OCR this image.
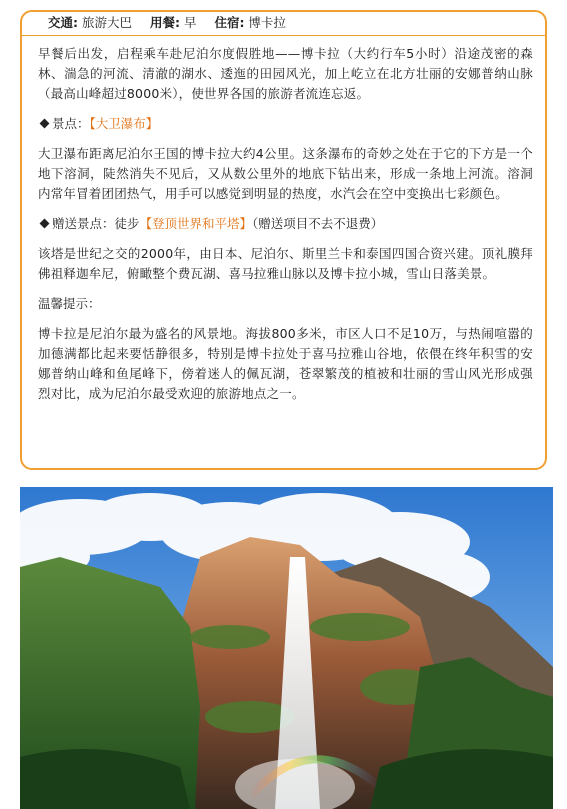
交通: 旅游大巴 用餐: 早 住宿: 博卡拉

早餐后出发，启程乘车赴尼泊尔度假胜地——博卡拉（大约行车5小时）沿途茂密的森林、湍急的河流、清澈的湖水、逶迤的田园风光，加上屹立在北方壮丽的安娜普纳山脉（最高山峰超过8000米），使世界各国的旅游者流连忘返。

景点：【大卫瀑布】

大卫瀑布距离尼泊尔王国的博卡拉大约4公里。这条瀑布的奇妙之处在于它的下方是一个地下溶洞，陡然消失不见后，又从数公里外的地底下钻出来，形成一条地上河流。溶洞内常年冒着团团热气，用手可以感觉到明显的热度，水汽会在空中变换出七彩颜色。

赠送景点：徒步【登顶世界和平塔】（赠送项目不去不退费）

该塔是世纪之交的2000年，由日本、尼泊尔、斯里兰卡和泰国四国合资兴建。顶礼膜拜佛祖释迦牟尼，俯瞰整个费瓦湖、喜马拉雅山脉以及博卡拉小城，雪山日落美景。

温馨提示：

博卡拉是尼泊尔最为盛名的风景地。海拔800多米，市区人口不足10万，与热闹喧嚣的加德满都比起来要恬静很多，特别是博卡拉处于喜马拉雅山谷地，依偎在终年积雪的安娜普纳山峰和鱼尾峰下，傍着迷人的佩瓦湖，苍翠繁茂的植被和壮丽的雪山风光形成强烈对比，成为尼泊尔最受欢迎的旅游地点之一。
